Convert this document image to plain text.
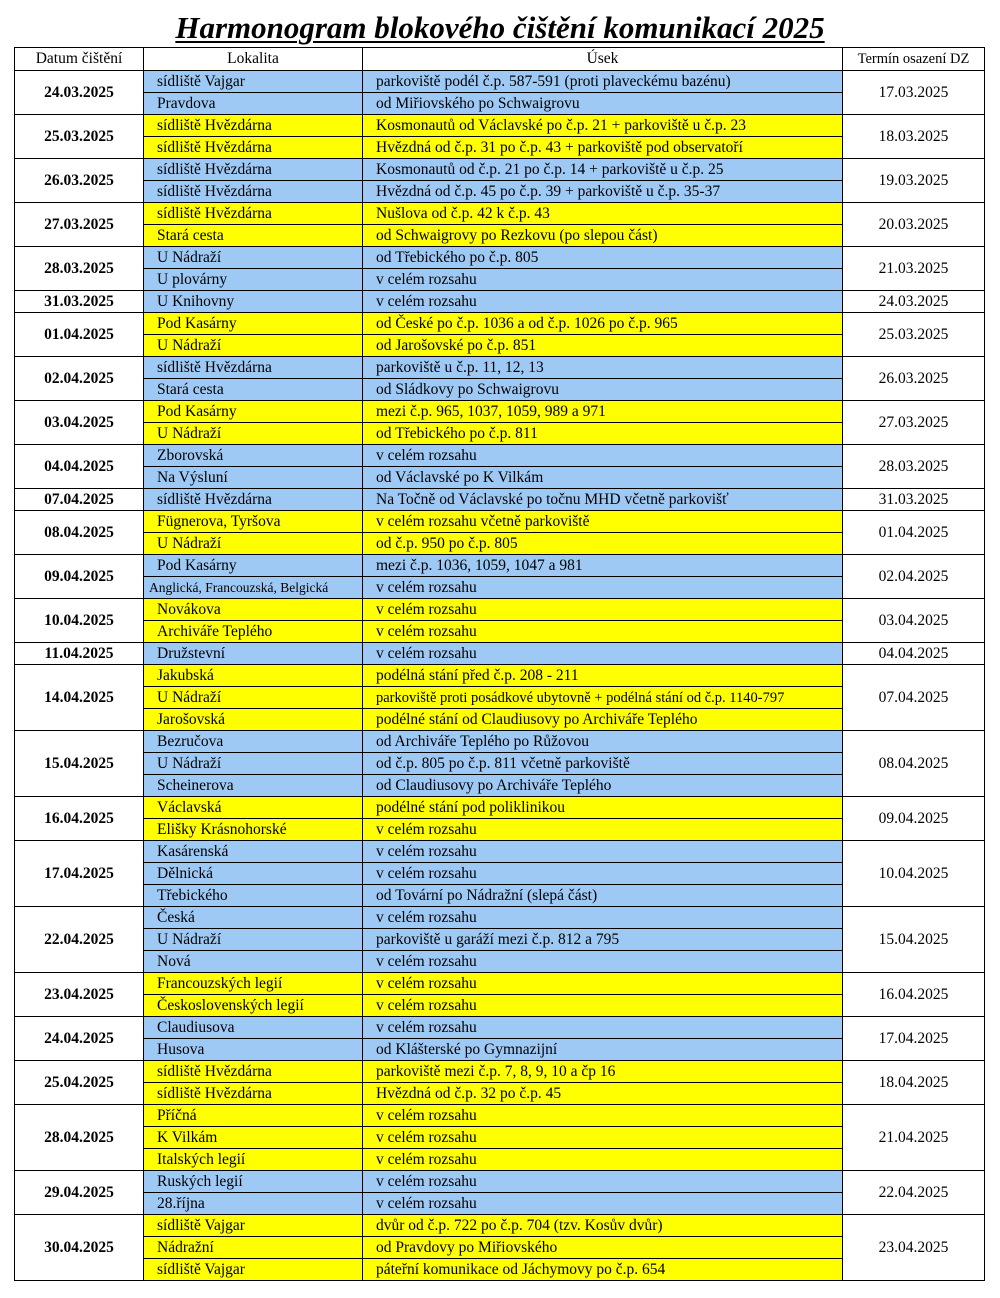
Harmonogram blokového čištění komunikací 2025
Datum čištění	Lokalita	Úsek	Termín osazení DZ
24.03.2025	sídliště Vajgar	parkoviště podél č.p. 587-591 (proti plaveckému bazénu)	17.03.2025
	Pravdova	od Miřiovského po Schwaigrovu	
25.03.2025	sídliště Hvězdárna	Kosmonautů od Václavské po č.p. 21 + parkoviště u č.p. 23	18.03.2025
	sídliště Hvězdárna	Hvězdná od č.p. 31 po č.p. 43 + parkoviště pod observatoří	
26.03.2025	sídliště Hvězdárna	Kosmonautů od č.p. 21 po č.p. 14 + parkoviště u č.p. 25	19.03.2025
	sídliště Hvězdárna	Hvězdná od č.p. 45 po č.p. 39 + parkoviště u č.p. 35-37	
27.03.2025	sídliště Hvězdárna	Nušlova od č.p. 42 k č.p. 43	20.03.2025
	Stará cesta	od Schwaigrovy po Rezkovu (po slepou část)	
28.03.2025	U Nádraží	od Třebického po č.p. 805	21.03.2025
	U plovárny	v celém rozsahu	
31.03.2025	U Knihovny	v celém rozsahu	24.03.2025
01.04.2025	Pod Kasárny	od České po č.p. 1036 a od č.p. 1026 po č.p. 965	25.03.2025
	U Nádraží	od Jarošovské po č.p. 851	
02.04.2025	sídliště Hvězdárna	parkoviště u č.p. 11, 12, 13	26.03.2025
	Stará cesta	od Sládkovy po Schwaigrovu	
03.04.2025	Pod Kasárny	mezi č.p. 965, 1037, 1059, 989 a 971	27.03.2025
	U Nádraží	od Třebického po č.p. 811	
04.04.2025	Zborovská	v celém rozsahu	28.03.2025
	Na Výsluní	od Václavské po K Vilkám	
07.04.2025	sídliště Hvězdárna	Na Točně od Václavské po točnu MHD včetně parkovišť	31.03.2025
08.04.2025	Fügnerova, Tyršova	v celém rozsahu včetně parkoviště	01.04.2025
	U Nádraží	od č.p. 950 po č.p. 805	
09.04.2025	Pod Kasárny	mezi č.p. 1036, 1059, 1047 a 981	02.04.2025
	Anglická, Francouzská, Belgická	v celém rozsahu	
10.04.2025	Novákova	v celém rozsahu	03.04.2025
	Archiváře Teplého	v celém rozsahu	
11.04.2025	Družstevní	v celém rozsahu	04.04.2025
14.04.2025	Jakubská	podélná stání před č.p. 208 - 211	07.04.2025
	U Nádraží	parkoviště proti posádkové ubytovně + podélná stání od č.p. 1140-797	
	Jarošovská	podélné stání od Claudiusovy po Archiváře Teplého	
15.04.2025	Bezručova	od Archiváře Teplého po Růžovou	08.04.2025
	U Nádraží	od č.p. 805 po č.p. 811 včetně parkoviště	
	Scheinerova	od Claudiusovy po Archiváře Teplého	
16.04.2025	Václavská	podélné stání pod poliklinikou	09.04.2025
	Elišky Krásnohorské	v celém rozsahu	
17.04.2025	Kasárenská	v celém rozsahu	10.04.2025
	Dělnická	v celém rozsahu	
	Třebického	od Tovární po Nádražní (slepá část)	
22.04.2025	Česká	v celém rozsahu	15.04.2025
	U Nádraží	parkoviště u garáží mezi č.p. 812 a 795	
	Nová	v celém rozsahu	
23.04.2025	Francouzských legií	v celém rozsahu	16.04.2025
	Československých legií	v celém rozsahu	
24.04.2025	Claudiusova	v celém rozsahu	17.04.2025
	Husova	od Klášterské po Gymnazijní	
25.04.2025	sídliště Hvězdárna	parkoviště mezi č.p. 7, 8, 9, 10 a čp 16	18.04.2025
	sídliště Hvězdárna	Hvězdná od č.p. 32 po č.p. 45	
28.04.2025	Příčná	v celém rozsahu	21.04.2025
	K Vilkám	v celém rozsahu	
	Italských legií	v celém rozsahu	
29.04.2025	Ruských legií	v celém rozsahu	22.04.2025
	28.října	v celém rozsahu	
30.04.2025	sídliště Vajgar	dvůr od č.p. 722 po č.p. 704 (tzv. Kosův dvůr)	23.04.2025
	Nádražní	od Pravdovy po Miřiovského	
	sídliště Vajgar	páteřní komunikace od Jáchymovy po č.p. 654	
